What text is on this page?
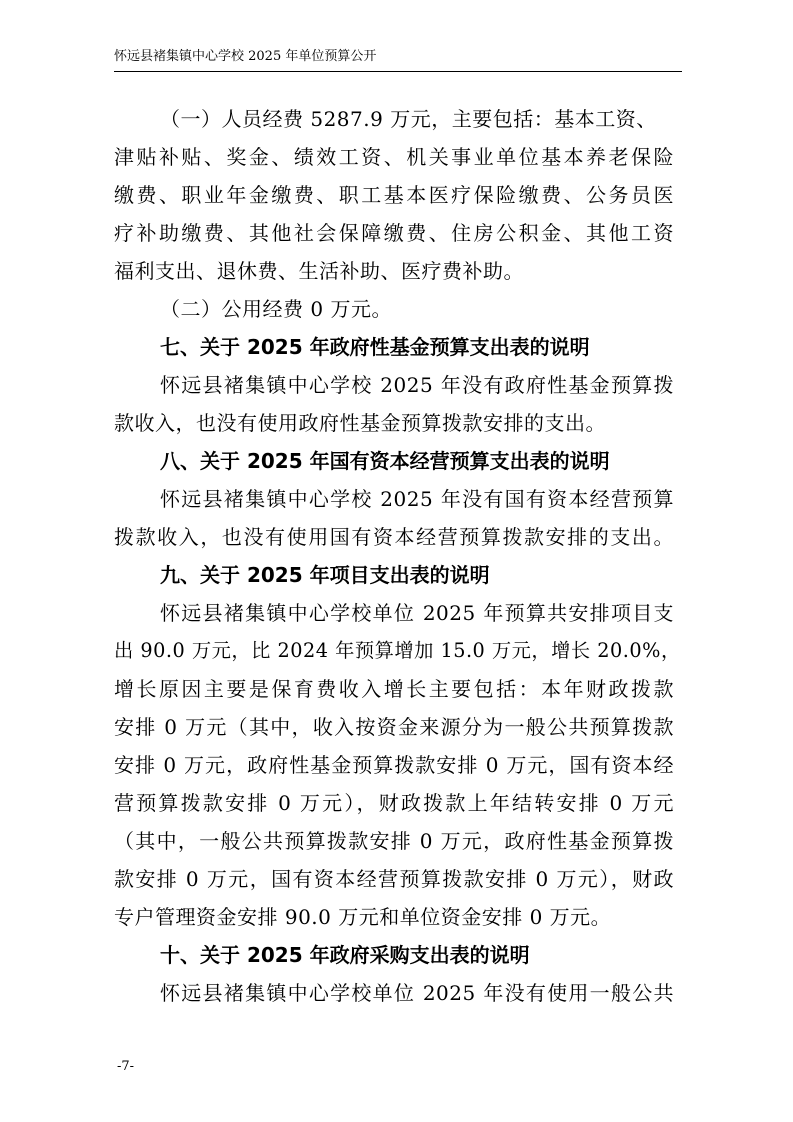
怀远县褚集镇中心学校 2025 年单位预算公开
（一）人员经费 5287.9 万元，主要包括：基本工资、
津贴补贴、奖金、绩效工资、机关事业单位基本养老保险
缴费、职业年金缴费、职工基本医疗保险缴费、公务员医
疗补助缴费、其他社会保障缴费、住房公积金、其他工资
福利支出、退休费、生活补助、医疗费补助。
（二）公用经费 0 万元。
七、关于 2025 年政府性基金预算支出表的说明
怀远县褚集镇中心学校 2025 年没有政府性基金预算拨
款收入，也没有使用政府性基金预算拨款安排的支出。
八、关于 2025 年国有资本经营预算支出表的说明
怀远县褚集镇中心学校 2025 年没有国有资本经营预算
拨款收入，也没有使用国有资本经营预算拨款安排的支出。
九、关于 2025 年项目支出表的说明
怀远县褚集镇中心学校单位 2025 年预算共安排项目支
出 90.0 万元，比 2024 年预算增加 15.0 万元，增长 20.0%，
增长原因主要是保育费收入增长主要包括：本年财政拨款
安排 0 万元（其中，收入按资金来源分为一般公共预算拨款
安排 0 万元，政府性基金预算拨款安排 0 万元，国有资本经
营预算拨款安排 0 万元），财政拨款上年结转安排 0 万元
（其中，一般公共预算拨款安排 0 万元，政府性基金预算拨
款安排 0 万元，国有资本经营预算拨款安排 0 万元），财政
专户管理资金安排 90.0 万元和单位资金安排 0 万元。
十、关于 2025 年政府采购支出表的说明
怀远县褚集镇中心学校单位 2025 年没有使用一般公共
-7-
